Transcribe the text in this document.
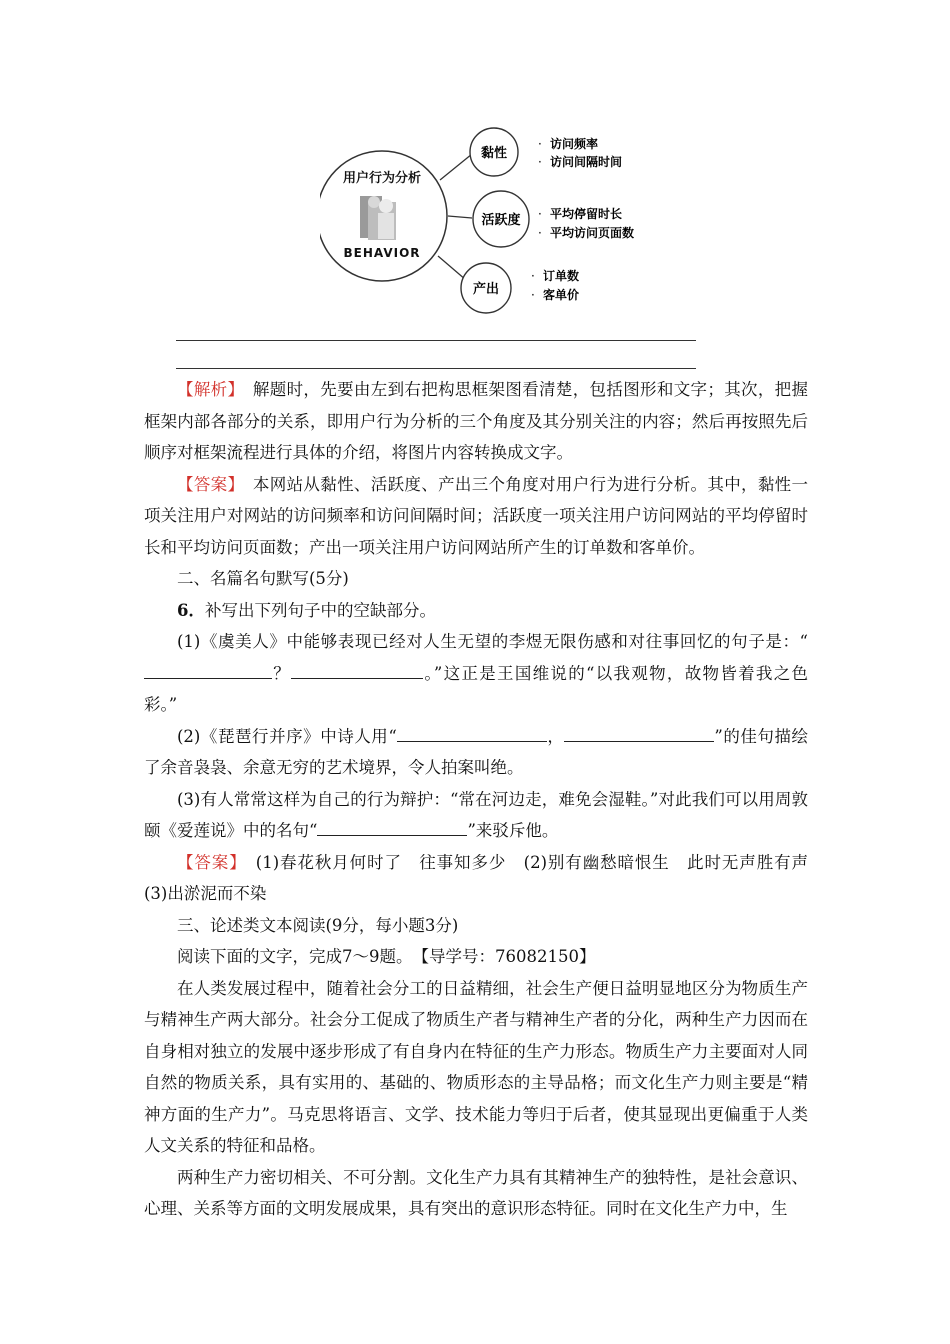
用户行为分析
BEHAVIOR
黏性
活跃度
产出
· 访问频率
· 访问间隔时间
· 平均停留时长
· 平均访问页面数
· 订单数
· 客单价

【解析】　 解题时，先要由左到右把构思框架图看清楚，包括图形和文字；其次，把握框架内部各部分的关系，即用户行为分析的三个角度及其分别关注的内容；然后再按照先后顺序对框架流程进行具体的介绍，将图片内容转换成文字。

【答案】　 本网站从黏性、活跃度、产出三个角度对用户行为进行分析。其中，黏性一项关注用户对网站的访问频率和访问间隔时间；活跃度一项关注用户访问网站的平均停留时长和平均访问页面数；产出一项关注用户访问网站所产生的订单数和客单价。

二、名篇名句默写(5分)

6．补写出下列句子中的空缺部分。

(1)《虞美人》中能够表现已经对人生无望的李煜无限伤感和对往事回忆的句子是：“？	。”这正是王国维说的“以我观物，故物皆着我之色彩。”

(2)《琵琶行并序》中诗人用“	，	”的佳句描绘了余音袅袅、余意无穷的艺术境界，令人拍案叫绝。

(3)有人常常这样为自己的行为辩护：“常在河边走，难免会湿鞋。”对此我们可以用周敦颐《爱莲说》中的名句“	”来驳斥他。

【答案】　 (1)春花秋月何时了　往事知多少　(2)别有幽愁暗恨生　此时无声胜有声　(3)出淤泥而不染

三、论述类文本阅读(9分，每小题3分)

阅读下面的文字，完成7～9题。　【导学号：76082150】

在人类发展过程中，随着社会分工的日益精细，社会生产便日益明显地区分为物质生产与精神生产两大部分。社会分工促成了物质生产者与精神生产者的分化，两种生产力因而在自身相对独立的发展中逐步形成了有自身内在特征的生产力形态。物质生产力主要面对人同自然的物质关系，具有实用的、基础的、物质形态的主导品格；而文化生产力则主要是“精神方面的生产力”。马克思将语言、文学、技术能力等归于后者，使其显现出更偏重于人类人文关系的特征和品格。

两种生产力密切相关、不可分割。文化生产力具有其精神生产的独特性，是社会意识、心理、关系等方面的文明发展成果，具有突出的意识形态特征。同时在文化生产力中，生
